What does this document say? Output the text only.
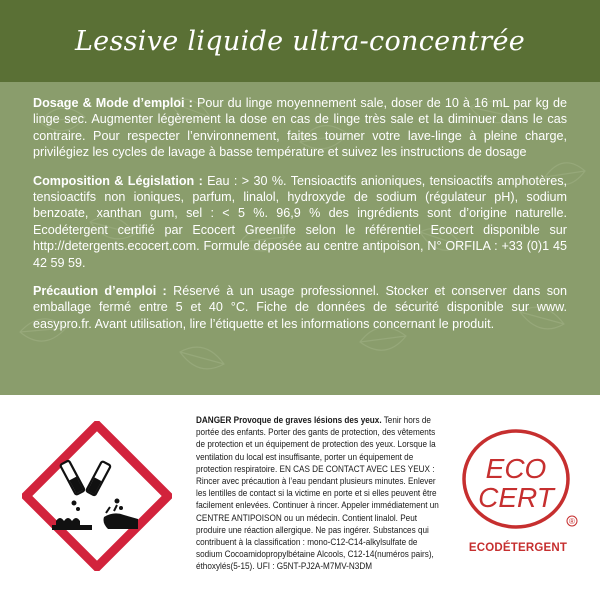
Lessive liquide ultra-concentrée

Dosage & Mode d’emploi : Pour du linge moyennement sale, doser de 10 à 16 mL par kg de linge sec. Augmenter légèrement la dose en cas de linge très sale et la diminuer dans le cas contraire. Pour respecter l’environnement, faites tourner votre lave-linge à pleine charge, privilégiez les cycles de lavage à basse température et suivez les instructions de dosage

Composition & Législation : Eau : > 30 %. Tensioactifs anioniques, tensioactifs amphotères, tensioactifs non ioniques, parfum, linalol, hydroxyde de sodium (régulateur pH), sodium benzoate, xanthan gum, sel : < 5 %. 96,9 % des ingrédients sont d’origine naturelle. Ecodétergent certifié par Ecocert Greenlife selon le référentiel Ecocert disponible sur http://detergents.ecocert.com. Formule déposée au centre antipoison, N° ORFILA : +33 (0)1 45 42 59 59.

Précaution d’emploi : Réservé à un usage professionnel. Stocker et conserver dans son emballage fermé entre 5 et 40 °C. Fiche de données de sécurité disponible sur www. easypro.fr. Avant utilisation, lire l’étiquette et les informations concernant le produit.

DANGER Provoque de graves lésions des yeux. Tenir hors de portée des enfants. Porter des gants de protection, des vêtements de protection et un équipement de protection des yeux. Lorsque la ventilation du local est insuffisante, porter un équipement de protection respiratoire. EN CAS DE CONTACT AVEC LES YEUX : Rincer avec précaution à l’eau pendant plusieurs minutes. Enlever les lentilles de contact si la victime en porte et si elles peuvent être facilement enlevées. Continuer à rincer. Appeler immédiatement un CENTRE ANTIPOISON ou un médecin. Contient linalol. Peut produire une réaction allergique. Ne pas ingérer. Substances qui contribuent à la classification : mono-C12-C14-alkylsulfate de sodium Cocoamidopropylbétaine Alcools, C12-14(numéros pairs), éthoxylés(5-15). UFI : G5NT-PJ2A-M7MV-N3DM
ECO
CERT
®
ECODÉTERGENT
